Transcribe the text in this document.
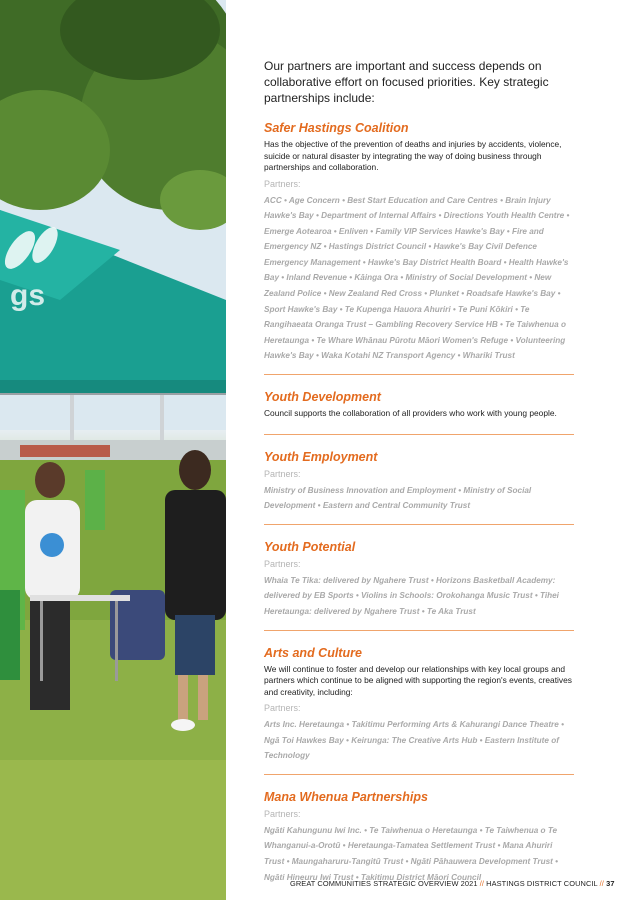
gs

Our partners are important and success depends on collaborative effort on focused priorities. Key strategic partnerships include:

Safer Hastings Coalition

Has the objective of the prevention of deaths and injuries by accidents, violence, suicide or natural disaster by integrating the way of doing business through partnerships and collaboration.

Partners:

ACC • Age Concern • Best Start Education and Care Centres • Brain Injury Hawke's Bay • Department of Internal Affairs • Directions Youth Health Centre • Emerge Aotearoa • Enliven • Family VIP Services Hawke's Bay • Fire and Emergency NZ • Hastings District Council • Hawke's Bay Civil Defence Emergency Management • Hawke's Bay District Health Board • Health Hawke's Bay • Inland Revenue • Kāinga Ora • Ministry of Social Development • New Zealand Police • New Zealand Red Cross • Plunket • Roadsafe Hawke's Bay • Sport Hawke's Bay • Te Kupenga Hauora Ahuriri • Te Puni Kōkiri • Te Rangihaeata Oranga Trust – Gambling Recovery Service HB • Te Taiwhenua o Heretaunga • Te Whare Whānau Pūrotu Māori Women's Refuge • Volunteering Hawke's Bay • Waka Kotahi NZ Transport Agency • Whariki Trust

Youth Development

Council supports the collaboration of all providers who work with young people.

Youth Employment
Partners:

Ministry of Business Innovation and Employment • Ministry of Social Development • Eastern and Central Community Trust

Youth Potential
Partners:

Whaia Te Tika: delivered by Ngahere Trust • Horizons Basketball Academy: delivered by EB Sports • Violins in Schools: Orokohanga Music Trust • Tihei Heretaunga: delivered by Ngahere Trust • Te Aka Trust

Arts and Culture

We will continue to foster and develop our relationships with key local groups and partners which continue to be aligned with supporting the region's events, creatives and creativity, including:

Partners:

Arts Inc. Heretaunga • Takitimu Performing Arts & Kahurangi Dance Theatre • Ngā Toi Hawkes Bay • Keirunga: The Creative Arts Hub • Eastern Institute of Technology

Mana Whenua Partnerships
Partners:

Ngāti Kahungunu Iwi Inc. • Te Taiwhenua o Heretaunga • Te Taiwhenua o Te Whanganui-a-Orotū • Heretaunga-Tamatea Settlement Trust • Mana Ahuriri Trust • Maungaharuru-Tangitū Trust • Ngāti Pāhauwera Development Trust • Ngāti Hineuru Iwi Trust • Takitimu District Māori Council

GREAT COMMUNITIES STRATEGIC OVERVIEW 2021 // HASTINGS DISTRICT COUNCIL // 37
